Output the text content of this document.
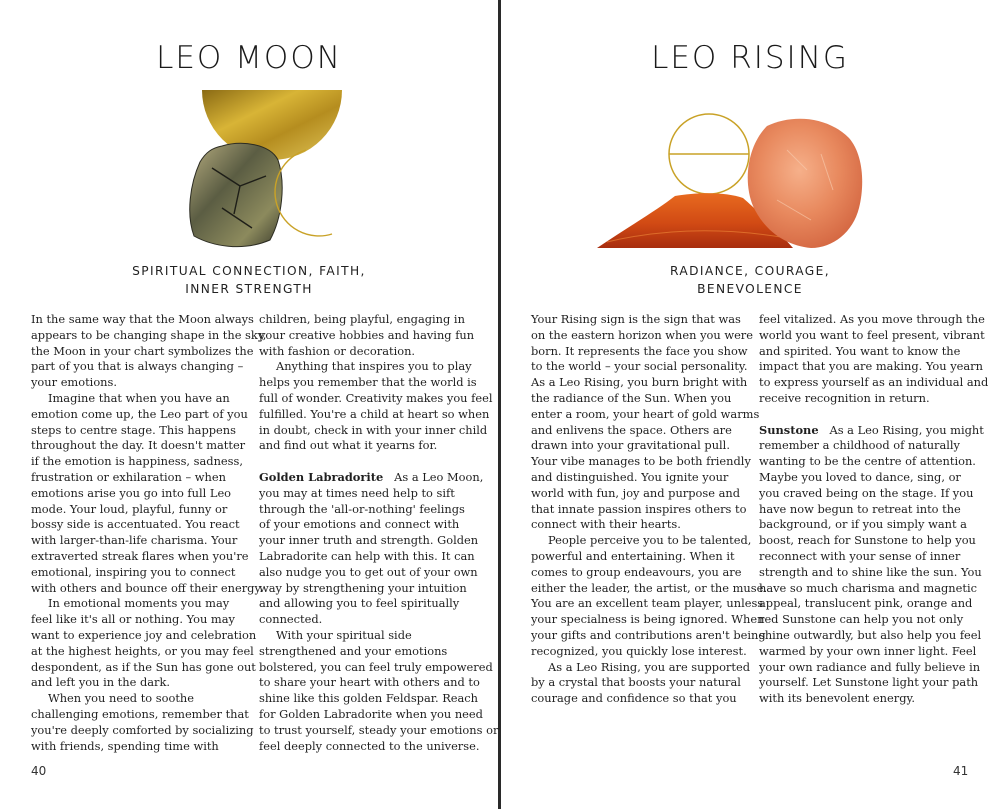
LEO MOON
SPIRITUAL CONNECTION, FAITH,
INNER STRENGTH

In the same way that the Moon always
appears to be changing shape in the sky,
the Moon in your chart symbolizes the
part of you that is always changing –
your emotions.

Imagine that when you have an
emotion come up, the Leo part of you
steps to centre stage. This happens
throughout the day. It doesn't matter
if the emotion is happiness, sadness,
frustration or exhilaration – when
emotions arise you go into full Leo
mode. Your loud, playful, funny or
bossy side is accentuated. You react
with larger-than-life charisma. Your
extraverted streak flares when you're
emotional, inspiring you to connect
with others and bounce off their energy.

In emotional moments you may
feel like it's all or nothing. You may
want to experience joy and celebration
at the highest heights, or you may feel
despondent, as if the Sun has gone out
and left you in the dark.

When you need to soothe
challenging emotions, remember that
you're deeply comforted by socializing
with friends, spending time with

children, being playful, engaging in
your creative hobbies and having fun
with fashion or decoration.

Anything that inspires you to play
helps you remember that the world is
full of wonder. Creativity makes you feel
fulfilled. You're a child at heart so when
in doubt, check in with your inner child
and find out what it yearns for.

Golden Labradorite As a Leo Moon,
you may at times need help to sift
through the 'all-or-nothing' feelings
of your emotions and connect with
your inner truth and strength. Golden
Labradorite can help with this. It can
also nudge you to get out of your own
way by strengthening your intuition
and allowing you to feel spiritually
connected.

With your spiritual side
strengthened and your emotions
bolstered, you can feel truly empowered
to share your heart with others and to
shine like this golden Feldspar. Reach
for Golden Labradorite when you need
to trust yourself, steady your emotions or
feel deeply connected to the universe.

40
LEO RISING
RADIANCE, COURAGE,
BENEVOLENCE

Your Rising sign is the sign that was
on the eastern horizon when you were
born. It represents the face you show
to the world – your social personality.
As a Leo Rising, you burn bright with
the radiance of the Sun. When you
enter a room, your heart of gold warms
and enlivens the space. Others are
drawn into your gravitational pull.
Your vibe manages to be both friendly
and distinguished. You ignite your
world with fun, joy and purpose and
that innate passion inspires others to
connect with their hearts.

People perceive you to be talented,
powerful and entertaining. When it
comes to group endeavours, you are
either the leader, the artist, or the muse.
You are an excellent team player, unless
your specialness is being ignored. When
your gifts and contributions aren't being
recognized, you quickly lose interest.

As a Leo Rising, you are supported
by a crystal that boosts your natural
courage and confidence so that you

feel vitalized. As you move through the
world you want to feel present, vibrant
and spirited. You want to know the
impact that you are making. You yearn
to express yourself as an individual and
receive recognition in return.

Sunstone As a Leo Rising, you might
remember a childhood of naturally
wanting to be the centre of attention.
Maybe you loved to dance, sing, or
you craved being on the stage. If you
have now begun to retreat into the
background, or if you simply want a
boost, reach for Sunstone to help you
reconnect with your sense of inner
strength and to shine like the sun. You
have so much charisma and magnetic
appeal, translucent pink, orange and
red Sunstone can help you not only
shine outwardly, but also help you feel
warmed by your own inner light. Feel
your own radiance and fully believe in
yourself. Let Sunstone light your path
with its benevolent energy.

41
